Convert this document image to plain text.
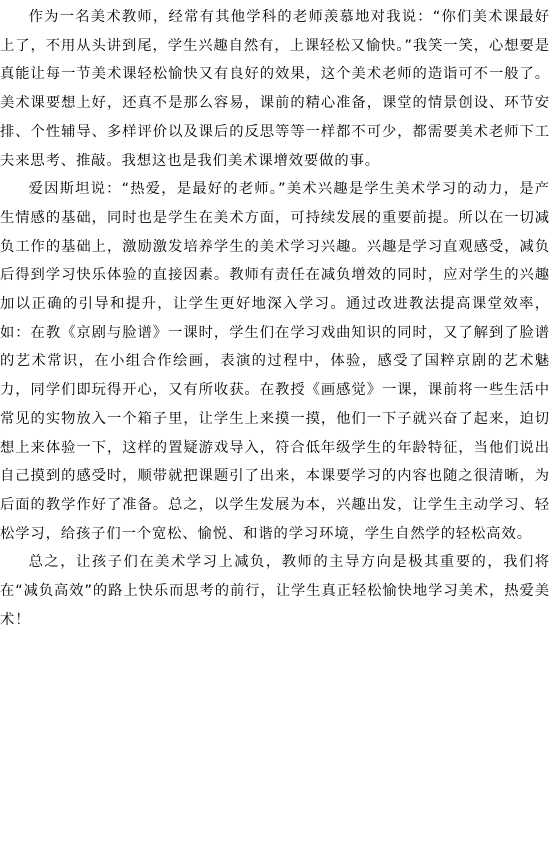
作为一名美术教师，经常有其他学科的老师羡慕地对我说：“你们美术课最好上了，不用从头讲到尾，学生兴趣自然有，上课轻松又愉快。”我笑一笑，心想要是真能让每一节美术课轻松愉快又有良好的效果，这个美术老师的造诣可不一般了。美术课要想上好，还真不是那么容易，课前的精心准备，课堂的情景创设、环节安排、个性辅导、多样评价以及课后的反思等等一样都不可少，都需要美术老师下工夫来思考、推敲。我想这也是我们美术课增效要做的事。

爱因斯坦说：“热爱，是最好的老师。”美术兴趣是学生美术学习的动力，是产生情感的基础，同时也是学生在美术方面，可持续发展的重要前提。所以在一切减负工作的基础上，激励激发培养学生的美术学习兴趣。兴趣是学习直观感受，减负后得到学习快乐体验的直接因素。教师有责任在减负增效的同时，应对学生的兴趣加以正确的引导和提升，让学生更好地深入学习。通过改进教法提高课堂效率，如：在教《京剧与脸谱》一课时，学生们在学习戏曲知识的同时，又了解到了脸谱的艺术常识，在小组合作绘画，表演的过程中，体验，感受了国粹京剧的艺术魅力，同学们即玩得开心，又有所收获。在教授《画感觉》一课，课前将一些生活中常见的实物放入一个箱子里，让学生上来摸一摸，他们一下子就兴奋了起来，迫切想上来体验一下，这样的置疑游戏导入，符合低年级学生的年龄特征，当他们说出自己摸到的感受时，顺带就把课题引了出来，本课要学习的内容也随之很清晰，为后面的教学作好了准备。总之，以学生发展为本，兴趣出发，让学生主动学习、轻松学习，给孩子们一个宽松、愉悦、和谐的学习环境，学生自然学的轻松高效。

总之，让孩子们在美术学习上减负，教师的主导方向是极其重要的，我们将在“减负高效”的路上快乐而思考的前行，让学生真正轻松愉快地学习美术，热爱美术！
